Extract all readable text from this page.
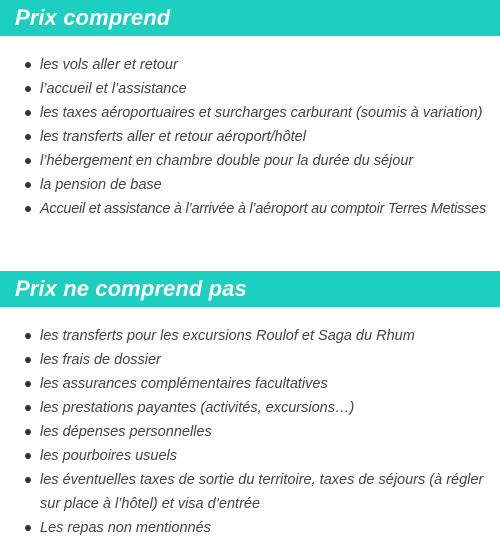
Prix comprend
les vols aller et retour
l’accueil et l’assistance
les taxes aéroportuaires et surcharges carburant (soumis à variation)
les transferts aller et retour aéroport/hôtel
l’hébergement en chambre double pour la durée du séjour
la pension de base
Accueil et assistance à l’arrivée à l’aéroport au comptoir Terres Metisses
Prix ne comprend pas
les transferts pour les excursions Roulof et Saga du Rhum
les frais de dossier
les assurances complémentaires facultatives
les prestations payantes (activités, excursions…)
les dépenses personnelles
les pourboires usuels
les éventuelles taxes de sortie du territoire, taxes de séjours (à régler sur place à l’hôtel) et visa d’entrée
Les repas non mentionnés
